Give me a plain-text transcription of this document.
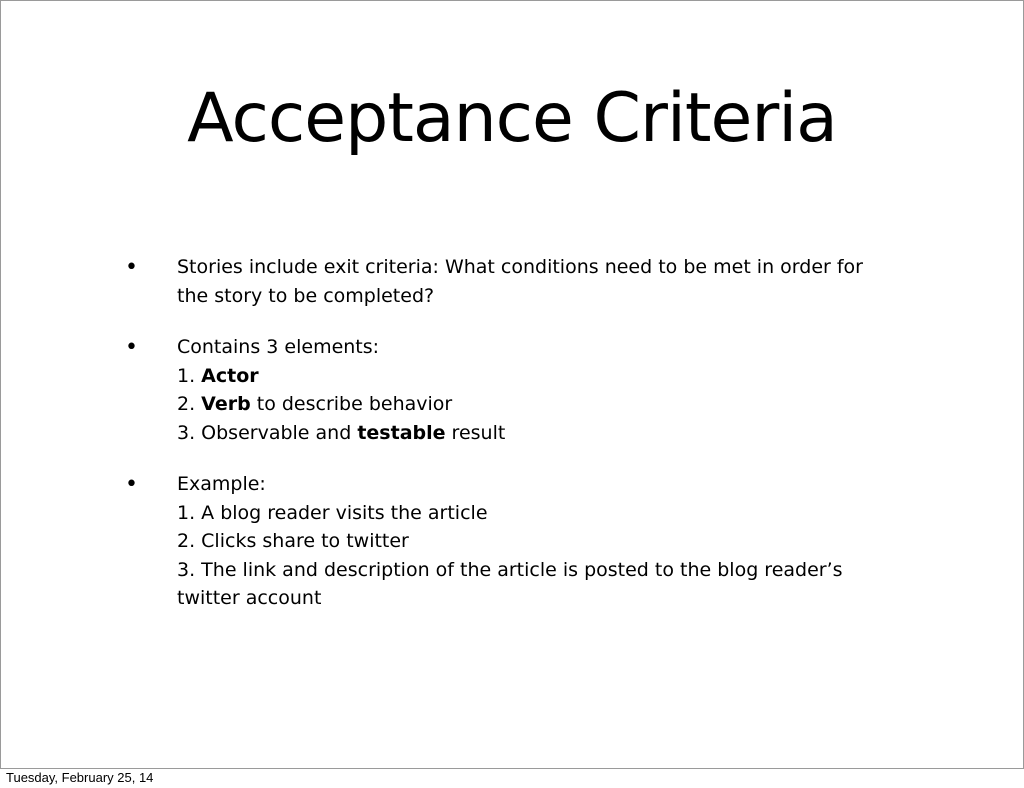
Acceptance Criteria
• Stories include exit criteria: What conditions need to be met in order for
the story to be completed?
• Contains 3 elements:
1. Actor
2. Verb to describe behavior
3. Observable and testable result
• Example:
1. A blog reader visits the article
2. Clicks share to twitter
3. The link and description of the article is posted to the blog reader’s
twitter account
Tuesday, February 25, 14
